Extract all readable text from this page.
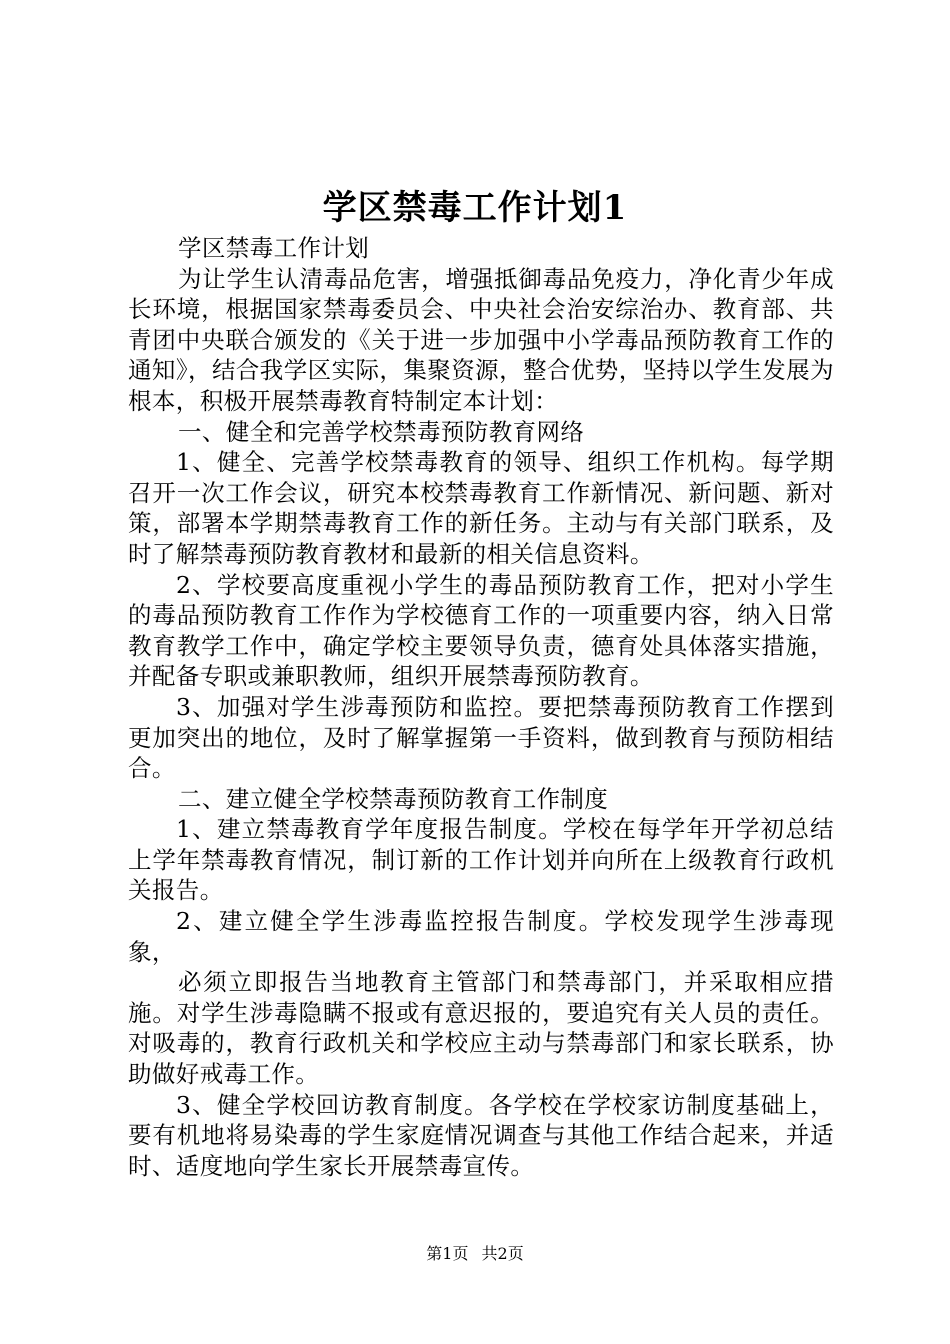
学区禁毒工作计划1

学区禁毒工作计划

为让学生认清毒品危害，增强抵御毒品免疫力，净化青少年成长环境，根据国家禁毒委员会、中央社会治安综治办、教育部、共青团中央联合颁发的《关于进一步加强中小学毒品预防教育工作的通知》，结合我学区实际，集聚资源，整合优势，坚持以学生发展为根本，积极开展禁毒教育特制定本计划：

一、健全和完善学校禁毒预防教育网络

1、健全、完善学校禁毒教育的领导、组织工作机构。每学期召开一次工作会议，研究本校禁毒教育工作新情况、新问题、新对策，部署本学期禁毒教育工作的新任务。主动与有关部门联系，及时了解禁毒预防教育教材和最新的相关信息资料。

2、学校要高度重视小学生的毒品预防教育工作，把对小学生的毒品预防教育工作作为学校德育工作的一项重要内容，纳入日常教育教学工作中，确定学校主要领导负责，德育处具体落实措施，并配备专职或兼职教师，组织开展禁毒预防教育。

3、加强对学生涉毒预防和监控。要把禁毒预防教育工作摆到更加突出的地位，及时了解掌握第一手资料，做到教育与预防相结合。

二、建立健全学校禁毒预防教育工作制度

1、建立禁毒教育学年度报告制度。学校在每学年开学初总结上学年禁毒教育情况，制订新的工作计划并向所在上级教育行政机关报告。

2、建立健全学生涉毒监控报告制度。学校发现学生涉毒现象，

必须立即报告当地教育主管部门和禁毒部门，并采取相应措施。对学生涉毒隐瞒不报或有意迟报的，要追究有关人员的责任。对吸毒的，教育行政机关和学校应主动与禁毒部门和家长联系，协助做好戒毒工作。

3、健全学校回访教育制度。各学校在学校家访制度基础上，要有机地将易染毒的学生家庭情况调查与其他工作结合起来，并适时、适度地向学生家长开展禁毒宣传。

第1页 共2页
